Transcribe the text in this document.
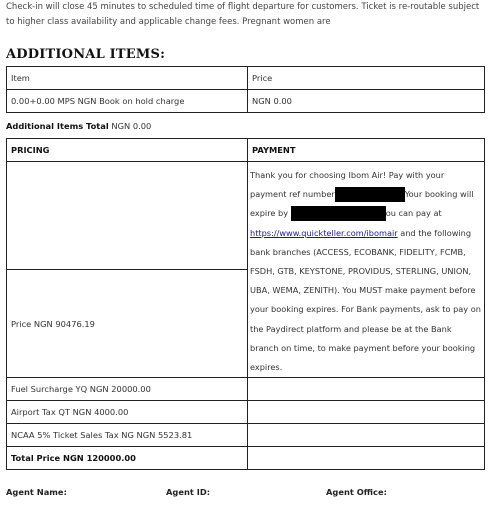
Check-in will close 45 minutes to scheduled time of flight departure for customers. Ticket is re-routable subject to higher class availability and applicable change fees. Pregnant women are
ADDITIONAL ITEMS:
Item	Price
0.00+0.00 MPS NGN Book on hold charge	NGN 0.00
Additional Items Total NGN 0.00
PRICING	PAYMENT
	Thank you for choosing Ibom Air! Pay with your payment ref number Your booking will expire by ou can pay at https://www.quickteller.com/ibomair and the following bank branches (ACCESS, ECOBANK, FIDELITY, FCMB, FSDH, GTB, KEYSTONE, PROVIDUS, STERLING, UNION, UBA, WEMA, ZENITH). You MUST make payment before your booking expires. For Bank payments, ask to pay on the Paydirect platform and please be at the Bank branch on time, to make payment before your booking expires.
Price NGN 90476.19	
Fuel Surcharge YQ NGN 20000.00	
Airport Tax QT NGN 4000.00	
NCAA 5% Ticket Sales Tax NG NGN 5523.81	
Total Price NGN 120000.00	
Agent Name:	Agent ID:	Agent Office:
